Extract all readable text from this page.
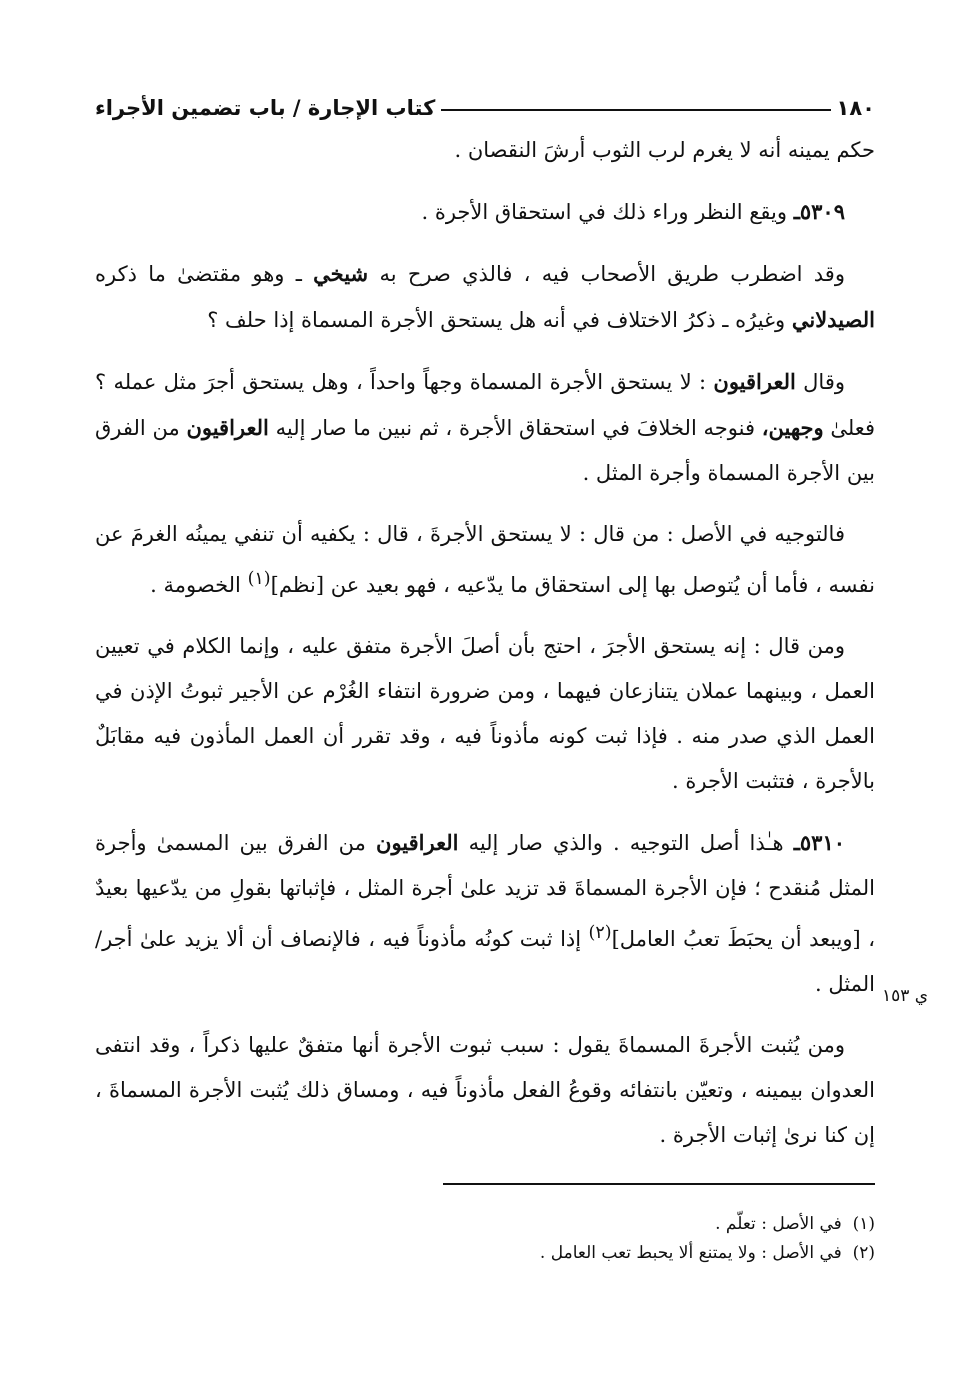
١٨٠
كتاب الإجارة / باب تضمين الأجراء

حكم يمينه أنه لا يغرم لرب الثوب أرشَ النقصان .

٥٣٠٩ـ ويقع النظر وراء ذلك في استحقاق الأجرة .

وقد اضطرب طريق الأصحاب فيه ، فالذي صرح به شيخي ـ وهو مقتضىٰ ما ذكره الصيدلاني وغيرُه ـ ذكرُ الاختلاف في أنه هل يستحق الأجرة المسماة إذا حلف ؟

وقال العراقيون : لا يستحق الأجرة المسماة وجهاً واحداً ، وهل يستحق أجرَ مثل عمله ؟ فعلىٰ وجهين، فنوجه الخلافَ في استحقاق الأجرة ، ثم نبين ما صار إليه العراقيون من الفرق بين الأجرة المسماة وأجرة المثل .

فالتوجيه في الأصل : من قال : لا يستحق الأجرةَ ، قال : يكفيه أن تنفي يمينُه الغرمَ عن نفسه ، فأما أن يُتوصل بها إلى استحقاق ما يدّعيه ، فهو بعيد عن [نظم]$^{(١)}$ الخصومة .

ومن قال : إنه يستحق الأجرَ ، احتج بأن أصلَ الأجرة متفق عليه ، وإنما الكلام في تعيين العمل ، وبينهما عملان يتنازعان فيهما ، ومن ضرورة انتفاء الغُرْم عن الأجير ثبوتُ الإذن في العمل الذي صدر منه . فإذا ثبت كونه مأذوناً فيه ، وقد تقرر أن العمل المأذون فيه مقابَلٌ بالأجرة ، فتثبت الأجرة .

٥٣١٠ـ هـٰذا أصل التوجيه . والذي صار إليه العراقيون من الفرق بين المسمىٰ وأجرة المثل مُنقدح ؛ فإن الأجرة المسماةَ قد تزيد علىٰ أجرة المثل ، فإثباتها بقولِ من يدّعيها بعيدٌ ، [ويبعد أن يحبَطَ تعبُ العامل]$^{(٢)}$ إذا ثبت كونُه مأذوناً فيه ، فالإنصاف أن ألا يزيد علىٰ أجر/ المثل .

ومن يُثبت الأجرةَ المسماةَ يقول : سبب ثبوت الأجرة أنها متفقٌ عليها ذكراً ، وقد انتفى العدوان بيمينه ، وتعيّن بانتفائه وقوعُ الفعل مأذوناً فيه ، ومساق ذلك يُثبت الأجرة المسماةَ ، إن كنا نرىٰ إثبات الأجرة .

ي ١٥٣

(١)  في الأصل : تعلّم .

(٢)  في الأصل : ولا يمتنع ألا يحبط تعب العامل .
